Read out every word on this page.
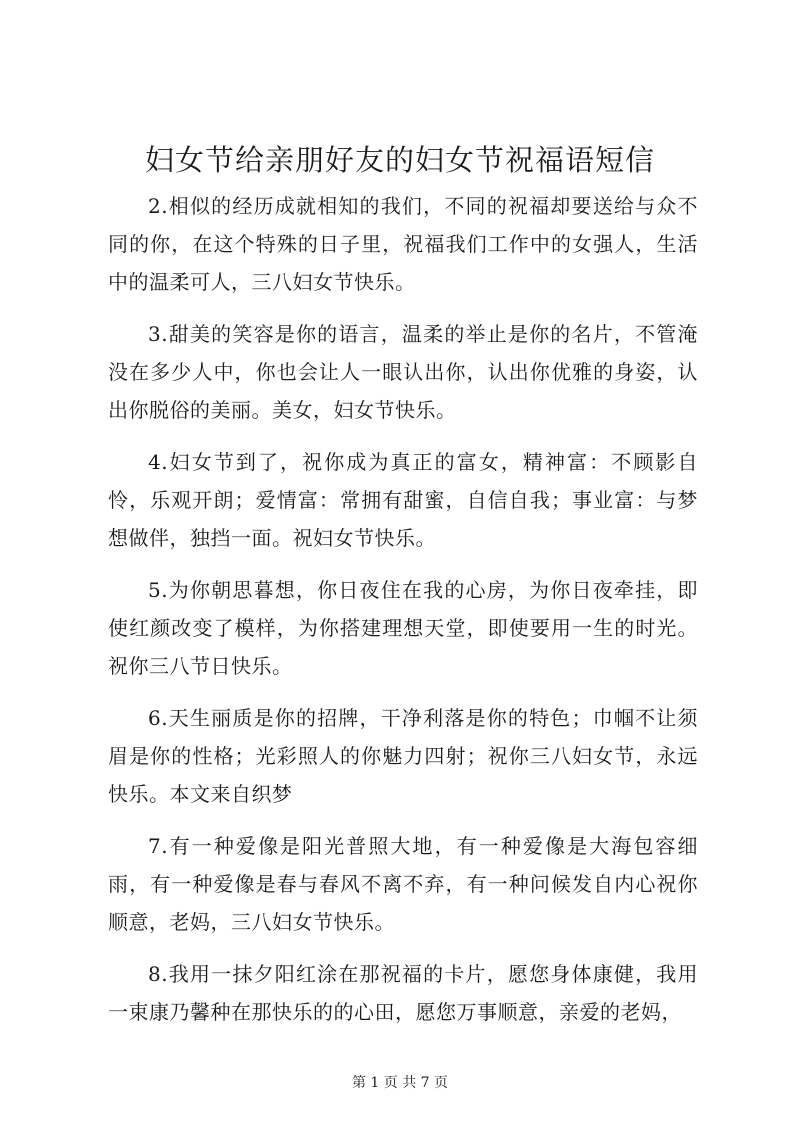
妇女节给亲朋好友的妇女节祝福语短信

2.相似的经历成就相知的我们，不同的祝福却要送给与众不同的你，在这个特殊的日子里，祝福我们工作中的女强人，生活中的温柔可人，三八妇女节快乐。

3.甜美的笑容是你的语言，温柔的举止是你的名片，不管淹没在多少人中，你也会让人一眼认出你，认出你优雅的身姿，认出你脱俗的美丽。美女，妇女节快乐。

4.妇女节到了，祝你成为真正的富女，精神富：不顾影自怜，乐观开朗；爱情富：常拥有甜蜜，自信自我；事业富：与梦想做伴，独挡一面。祝妇女节快乐。

5.为你朝思暮想，你日夜住在我的心房，为你日夜牵挂，即使红颜改变了模样，为你搭建理想天堂，即使要用一生的时光。祝你三八节日快乐。

6.天生丽质是你的招牌，干净利落是你的特色；巾帼不让须眉是你的性格；光彩照人的你魅力四射；祝你三八妇女节，永远快乐。本文来自织梦

7.有一种爱像是阳光普照大地，有一种爱像是大海包容细雨，有一种爱像是春与春风不离不弃，有一种问候发自内心祝你顺意，老妈，三八妇女节快乐。

8.我用一抹夕阳红涂在那祝福的卡片，愿您身体康健，我用一束康乃馨种在那快乐的的心田，愿您万事顺意，亲爱的老妈，

第 1 页 共 7 页
